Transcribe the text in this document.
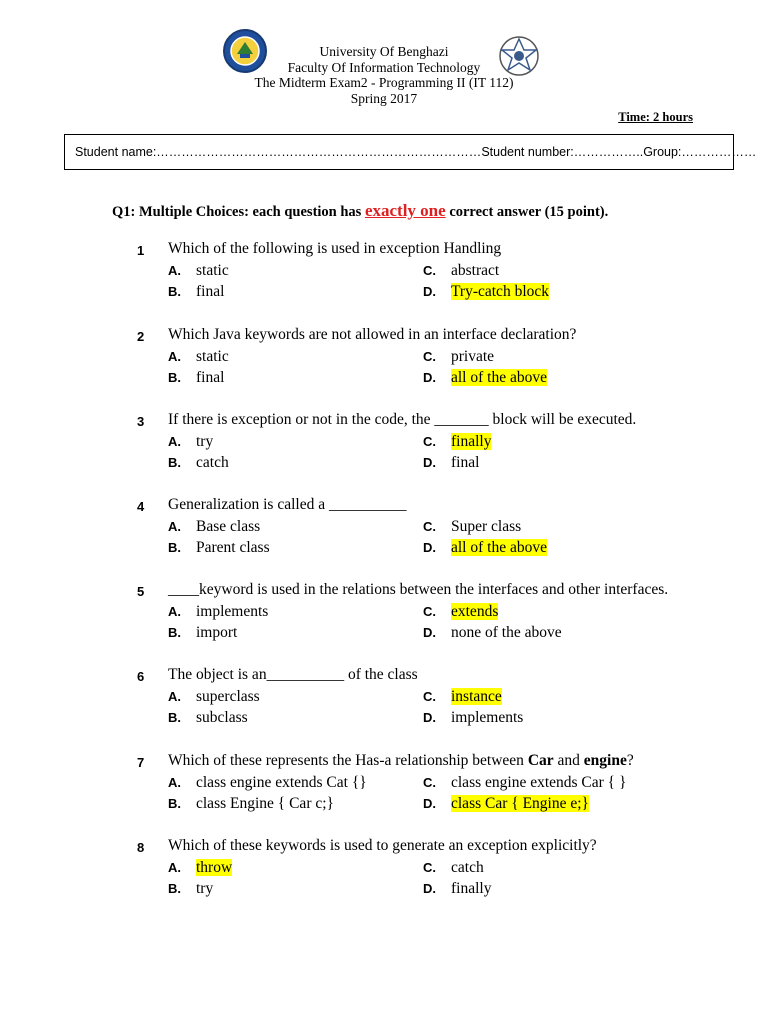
University Of Benghazi
Faculty Of Information Technology
The Midterm Exam2 - Programming II (IT 112)
Spring 2017
Time: 2 hours
Student name:…………………………………………………………………… Student number:…………….. Group:………………
Q1: Multiple Choices: each question has exactly one correct answer (15 point).
1 Which of the following is used in exception Handling
A. static
B. final
C. abstract
D. Try-catch block
2 Which Java keywords are not allowed in an interface declaration?
A. static
B. final
C. private
D. all of the above
3 If there is exception or not in the code, the _______ block will be executed.
A. try
B. catch
C. finally
D. final
4 Generalization is called a __________
A. Base class
B. Parent class
C. Super class
D. all of the above
5 ____keyword is used in the relations between the interfaces and other interfaces.
A. implements
B. import
C. extends
D. none of the above
6 The object is an__________ of the class
A. superclass
B. subclass
C. instance
D. implements
7 Which of these represents the Has-a relationship between Car and engine?
A. class engine extends Cat {}
B. class Engine { Car c;}
C. class engine extends Car { }
D. class Car { Engine e;}
8 Which of these keywords is used to generate an exception explicitly?
A. throw
B. try
C. catch
D. finally
